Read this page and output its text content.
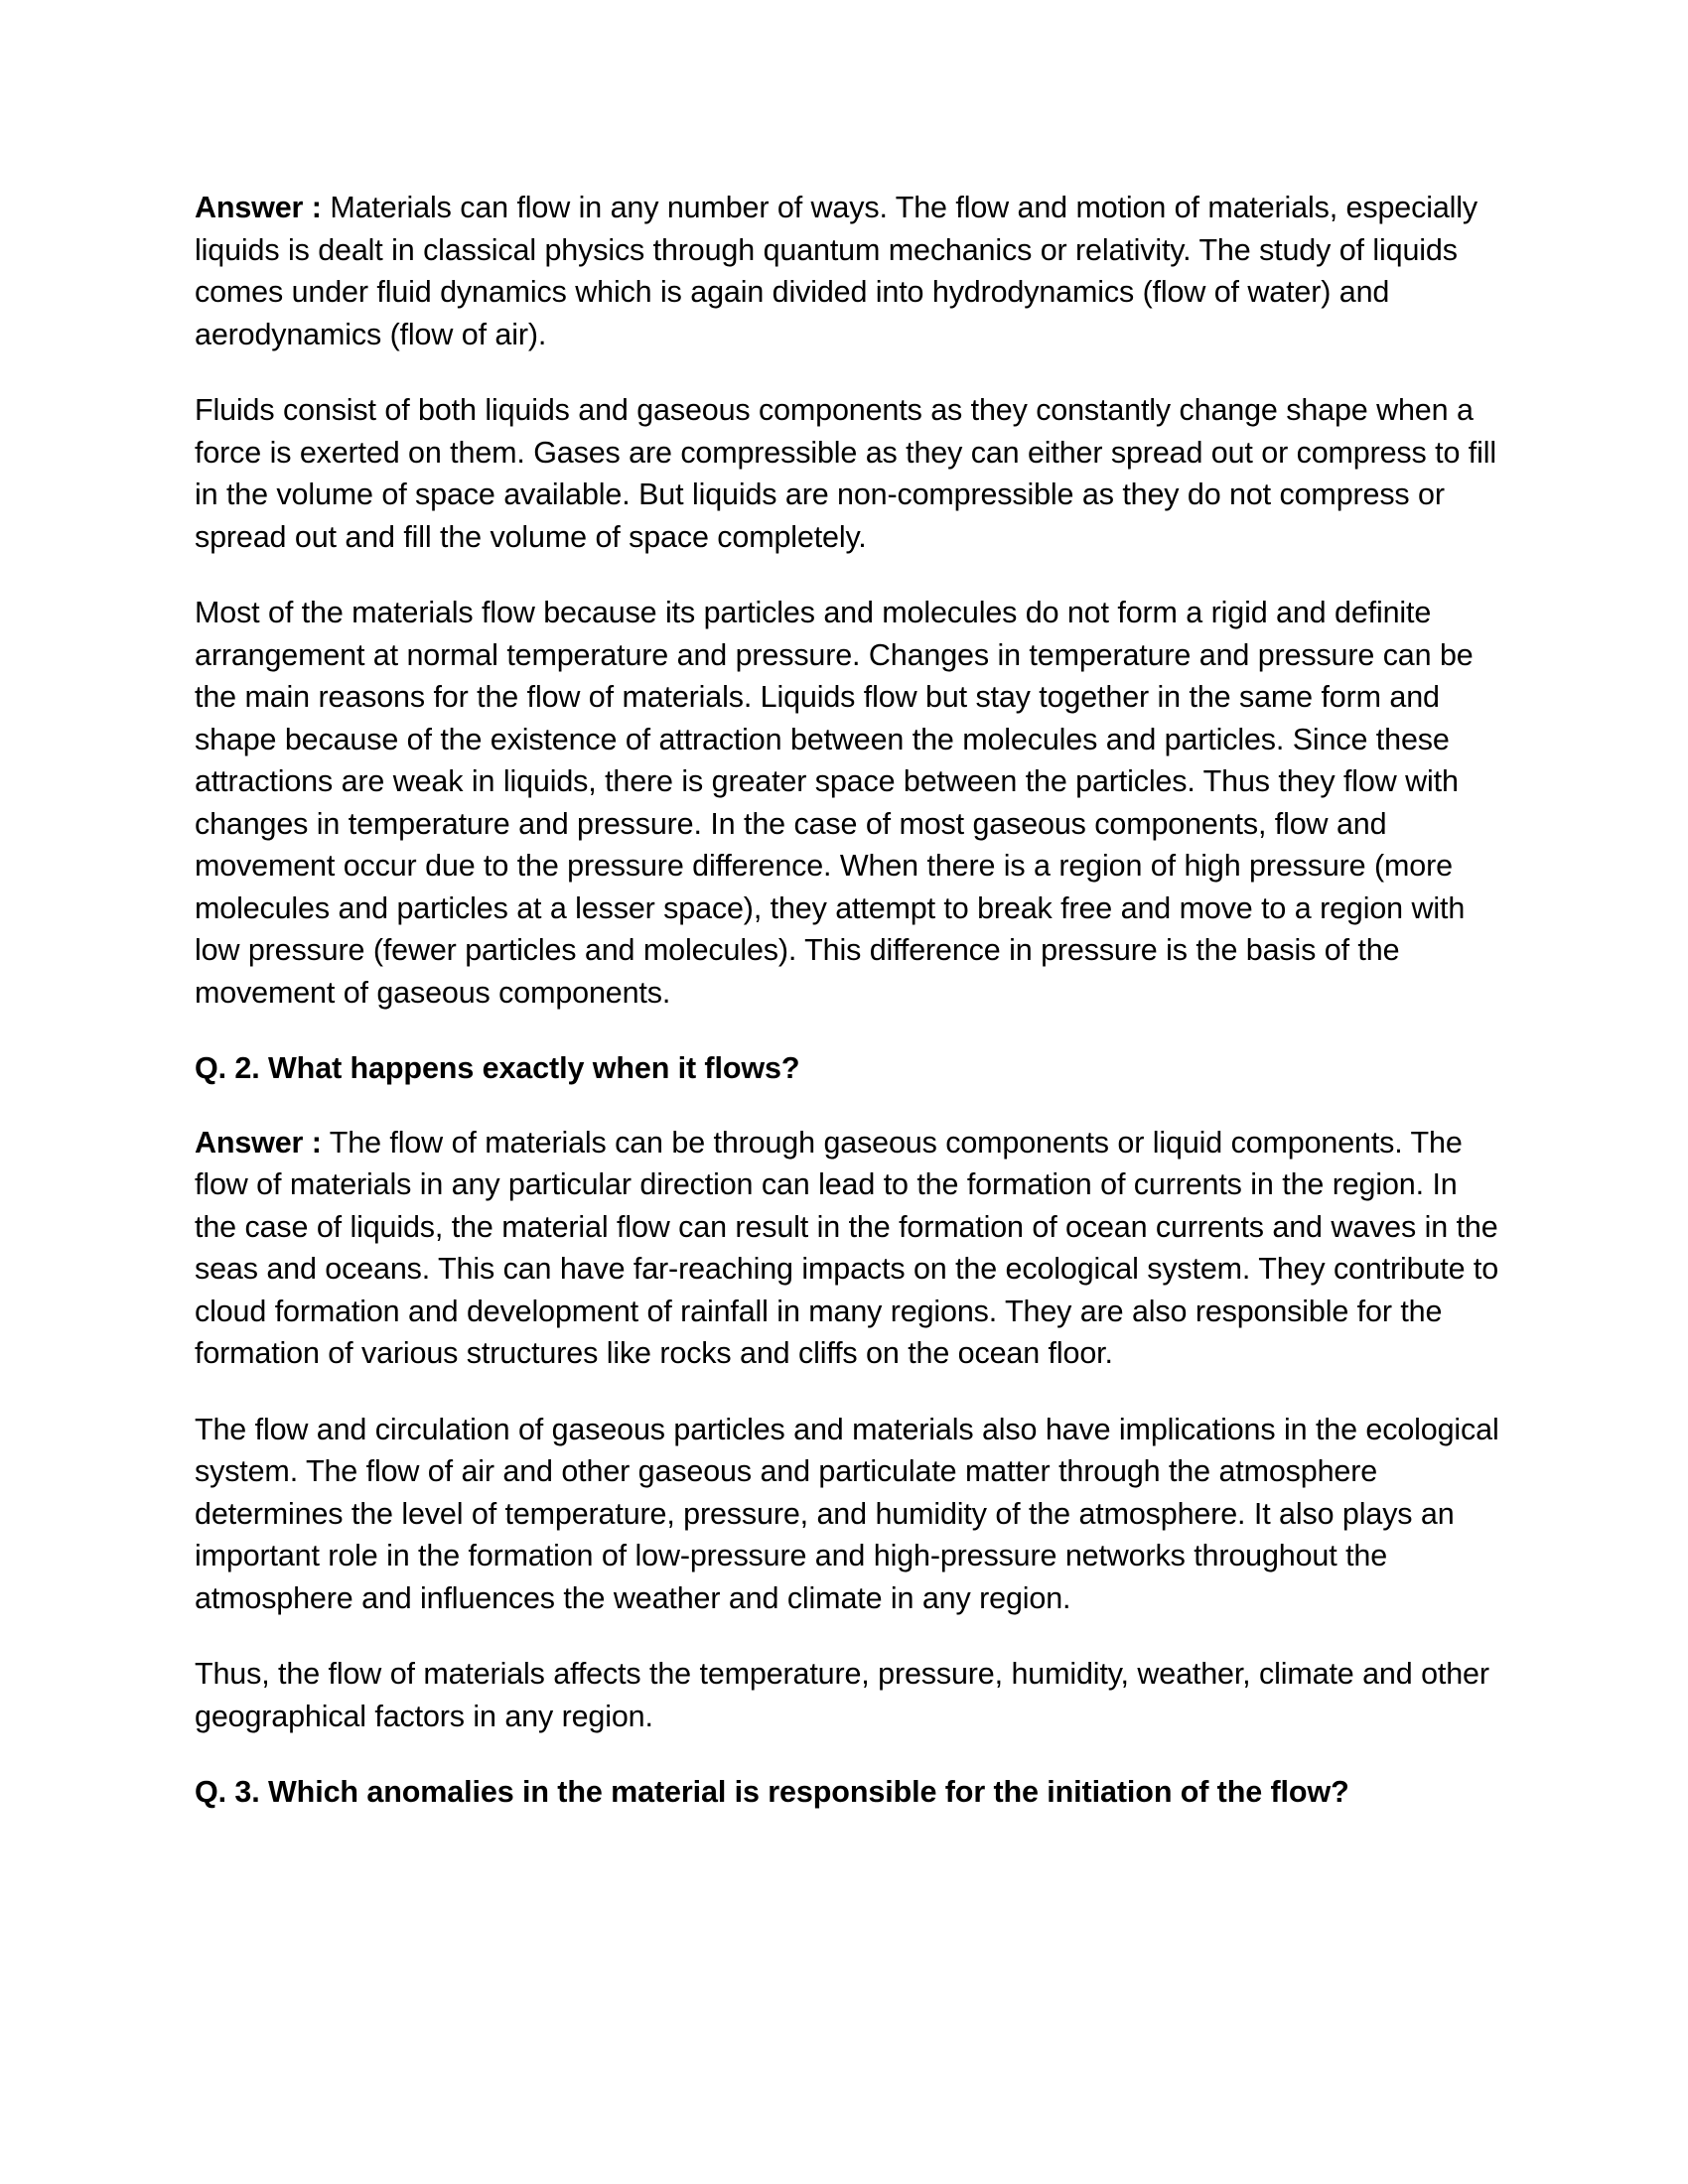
Answer : Materials can flow in any number of ways. The flow and motion of materials, especially liquids is dealt in classical physics through quantum mechanics or relativity. The study of liquids comes under fluid dynamics which is again divided into hydrodynamics (flow of water) and aerodynamics (flow of air).

Fluids consist of both liquids and gaseous components as they constantly change shape when a force is exerted on them. Gases are compressible as they can either spread out or compress to fill in the volume of space available. But liquids are non-compressible as they do not compress or spread out and fill the volume of space completely.

Most of the materials flow because its particles and molecules do not form a rigid and definite arrangement at normal temperature and pressure. Changes in temperature and pressure can be the main reasons for the flow of materials. Liquids flow but stay together in the same form and shape because of the existence of attraction between the molecules and particles. Since these attractions are weak in liquids, there is greater space between the particles. Thus they flow with changes in temperature and pressure. In the case of most gaseous components, flow and movement occur due to the pressure difference. When there is a region of high pressure (more molecules and particles at a lesser space), they attempt to break free and move to a region with low pressure (fewer particles and molecules). This difference in pressure is the basis of the movement of gaseous components.

Q. 2. What happens exactly when it flows?

Answer : The flow of materials can be through gaseous components or liquid components. The flow of materials in any particular direction can lead to the formation of currents in the region. In the case of liquids, the material flow can result in the formation of ocean currents and waves in the seas and oceans. This can have far-reaching impacts on the ecological system. They contribute to cloud formation and development of rainfall in many regions. They are also responsible for the formation of various structures like rocks and cliffs on the ocean floor.

The flow and circulation of gaseous particles and materials also have implications in the ecological system. The flow of air and other gaseous and particulate matter through the atmosphere determines the level of temperature, pressure, and humidity of the atmosphere. It also plays an important role in the formation of low-pressure and high-pressure networks throughout the atmosphere and influences the weather and climate in any region.

Thus, the flow of materials affects the temperature, pressure, humidity, weather, climate and other geographical factors in any region.

Q. 3. Which anomalies in the material is responsible for the initiation of the flow?
